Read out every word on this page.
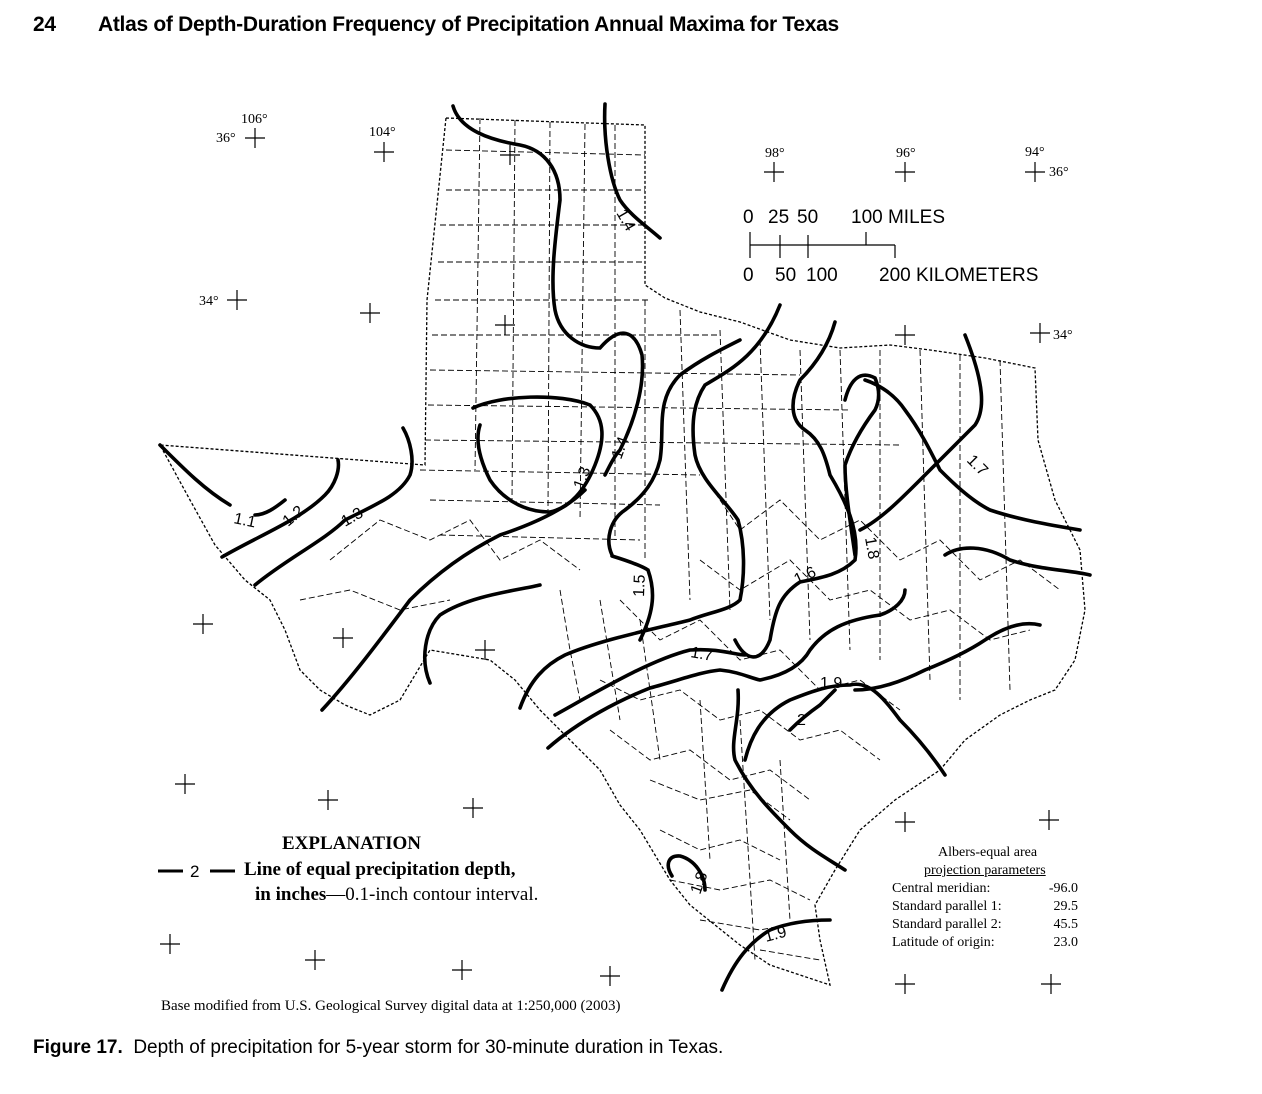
24 Atlas of Depth-Duration Frequency of Precipitation Annual Maxima for Texas
106°
36°	104°
98°	96°	94°
36°
34°
34°
0 25 50 100 MILES
0 50 100 200 KILOMETERS
1.1 1.2 1.3
1.3
1.4
1.4
1.5	1.6
1.7
1.7
1.8
1.8
1.9
1.9
2
2
EXPLANATION
Line of equal precipitation depth,
in inches—0.1-inch contour interval.
Albers-equal area
projection parameters
Central meridian:	-96.0
Standard parallel 1:	29.5
Standard parallel 2:	45.5
Latitude of origin:	23.0
Base modified from U.S. Geological Survey digital data at 1:250,000 (2003)
Figure 17. Depth of precipitation for 5-year storm for 30-minute duration in Texas.
